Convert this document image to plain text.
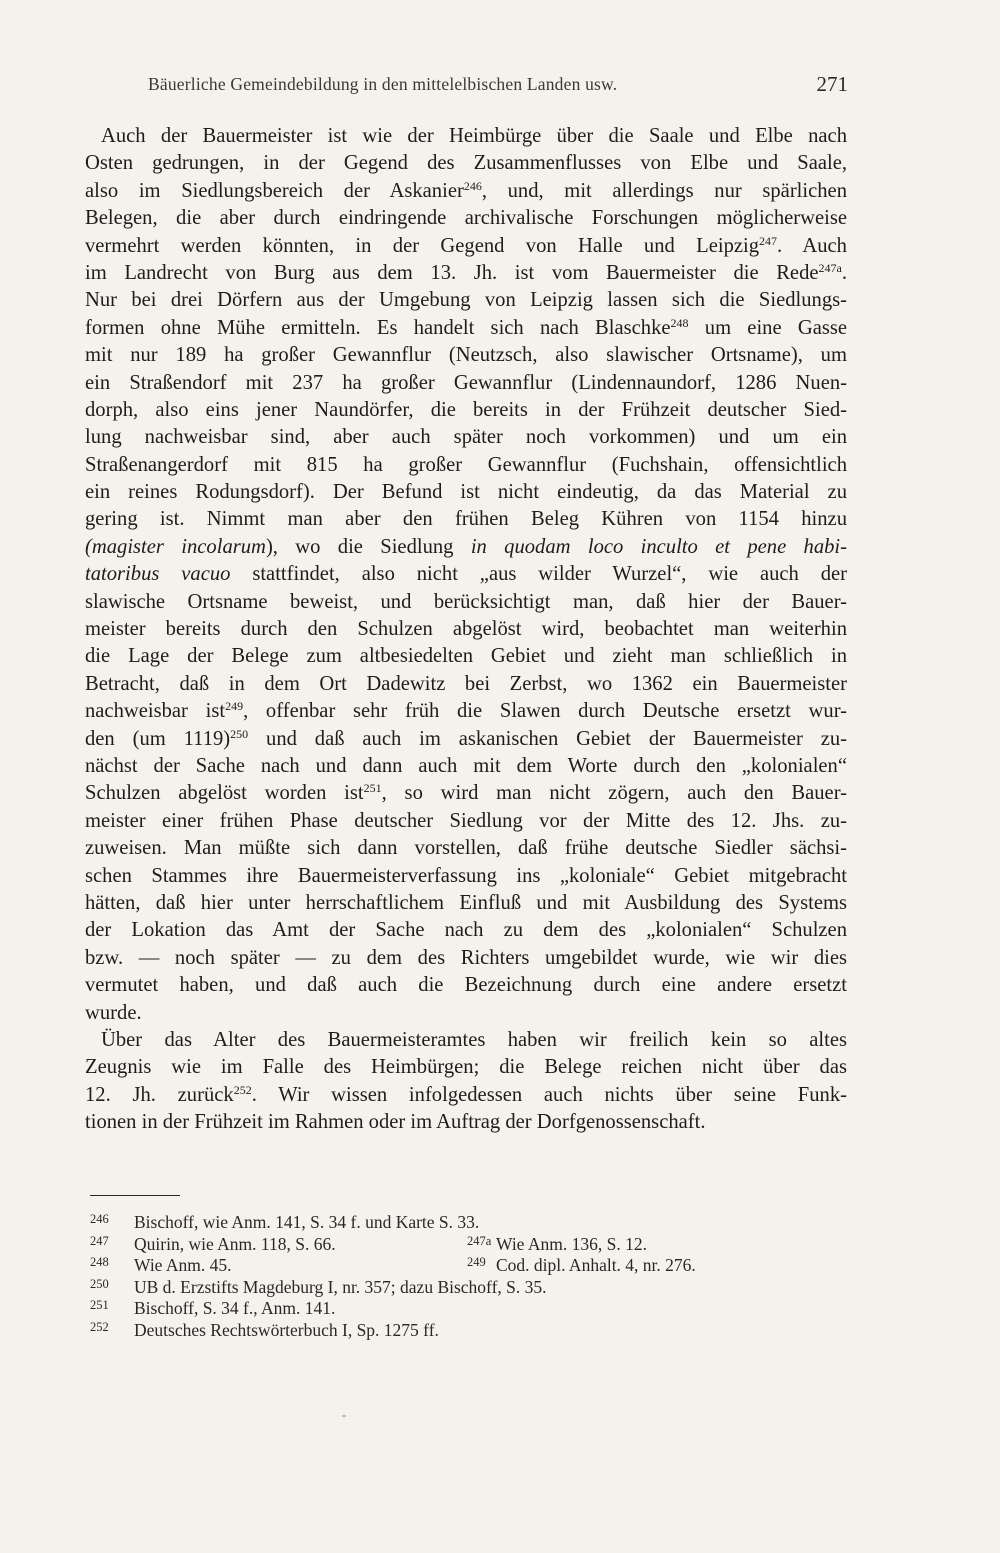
Bäuerliche Gemeindebildung in den mittelelbischen Landen usw.	271
Auch der Bauermeister ist wie der Heimbürge über die Saale und Elbe nach
Osten gedrungen, in der Gegend des Zusammenflusses von Elbe und Saale,
also im Siedlungsbereich der Askanier$^{246}$, und, mit allerdings nur spärlichen
Belegen, die aber durch eindringende archivalische Forschungen möglicherweise
vermehrt werden könnten, in der Gegend von Halle und Leipzig$^{247}$. Auch
im Landrecht von Burg aus dem 13. Jh. ist vom Bauermeister die Rede$^{247a}$.
Nur bei drei Dörfern aus der Umgebung von Leipzig lassen sich die Siedlungs-
formen ohne Mühe ermitteln. Es handelt sich nach Blaschke$^{248}$ um eine Gasse
mit nur 189 ha großer Gewannflur (Neutzsch, also slawischer Ortsname), um
ein Straßendorf mit 237 ha großer Gewannflur (Lindennaundorf, 1286 Nuen-
dorph, also eins jener Naundörfer, die bereits in der Frühzeit deutscher Sied-
lung nachweisbar sind, aber auch später noch vorkommen) und um ein
Straßenangerdorf mit 815 ha großer Gewannflur (Fuchshain, offensichtlich
ein reines Rodungsdorf). Der Befund ist nicht eindeutig, da das Material zu
gering ist. Nimmt man aber den frühen Beleg Kühren von 1154 hinzu
(magister incolarum), wo die Siedlung in quodam loco inculto et pene habi-
tatoribus vacuo stattfindet, also nicht „aus wilder Wurzel“, wie auch der
slawische Ortsname beweist, und berücksichtigt man, daß hier der Bauer-
meister bereits durch den Schulzen abgelöst wird, beobachtet man weiterhin
die Lage der Belege zum altbesiedelten Gebiet und zieht man schließlich in
Betracht, daß in dem Ort Dadewitz bei Zerbst, wo 1362 ein Bauermeister
nachweisbar ist$^{249}$, offenbar sehr früh die Slawen durch Deutsche ersetzt wur-
den (um 1119)$^{250}$ und daß auch im askanischen Gebiet der Bauermeister zu-
nächst der Sache nach und dann auch mit dem Worte durch den „kolonialen“
Schulzen abgelöst worden ist$^{251}$, so wird man nicht zögern, auch den Bauer-
meister einer frühen Phase deutscher Siedlung vor der Mitte des 12. Jhs. zu-
zuweisen. Man müßte sich dann vorstellen, daß frühe deutsche Siedler sächsi-
schen Stammes ihre Bauermeisterverfassung ins „koloniale“ Gebiet mitgebracht
hätten, daß hier unter herrschaftlichem Einfluß und mit Ausbildung des Systems
der Lokation das Amt der Sache nach zu dem des „kolonialen“ Schulzen
bzw. — noch später — zu dem des Richters umgebildet wurde, wie wir dies
vermutet haben, und daß auch die Bezeichnung durch eine andere ersetzt
wurde.
Über das Alter des Bauermeisteramtes haben wir freilich kein so altes
Zeugnis wie im Falle des Heimbürgen; die Belege reichen nicht über das
12. Jh. zurück$^{252}$. Wir wissen infolgedessen auch nichts über seine Funk-
tionen in der Frühzeit im Rahmen oder im Auftrag der Dorfgenossenschaft.
246	Bischoff, wie Anm. 141, S. 34 f. und Karte S. 33.
247	Quirin, wie Anm. 118, S. 66.	247a Wie Anm. 136, S. 12.
248	Wie Anm. 45.	249 Cod. dipl. Anhalt. 4, nr. 276.
250	UB d. Erzstifts Magdeburg I, nr. 357; dazu Bischoff, S. 35.
251	Bischoff, S. 34 f., Anm. 141.
252	Deutsches Rechtswörterbuch I, Sp. 1275 ff.
